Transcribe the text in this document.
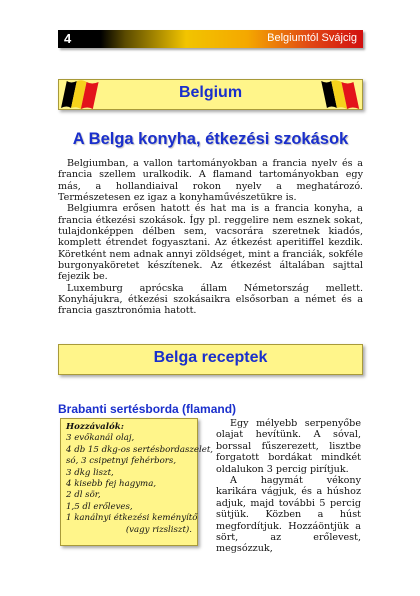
4	Belgiumtól Svájcig
Belgium
A Belga konyha, étkezési szokások

Belgiumban, a vallon tartományokban a francia nyelv és a francia szellem uralkodik. A flamand tartományokban egy más, a hollandiaival rokon nyelv a meghatározó. Természetesen ez igaz a konyhaművészetükre is.

Belgiumra erősen hatott és hat ma is a francia konyha, a francia étkezési szokások. Így pl. reggelire nem esznek sokat, tulajdonképpen délben sem, vacsorára szeretnek kiadós, komplett étrendet fogyasztani. Az étkezést aperitiffel kezdik. Köretként nem adnak annyi zöldséget, mint a franciák, sokféle burgonyaköretet készítenek. Az étkezést általában sajttal fejezik be.

Luxemburg aprócska állam Németország mellett. Konyhájukra, étkezési szokásaikra elsősorban a német és a francia gasztronómia hatott.

Belga receptek
Brabanti sertésborda (flamand)
Hozzávalók:
3 evőkanál olaj,
4 db 15 dkg-os sertésbordaszelet,
só, 3 csipetnyi fehérbors,
3 dkg liszt,
4 kisebb fej hagyma,
2 dl sör,
1,5 dl erőleves,
1 kanálnyi étkezési keményítő
(vagy rizsliszt).

Egy mélyebb serpenyőbe olajat hevítünk. A sóval, borssal fűszerezett, lisztbe forgatott bordákat mindkét oldalukon 3 percig pirítjuk.

A hagymát vékony karikára vágjuk, és a húshoz adjuk, majd további 5 percig sütjük. Közben a húst megfordítjuk. Hozzáöntjük a sört, az erőlevest, megsózzuk,
